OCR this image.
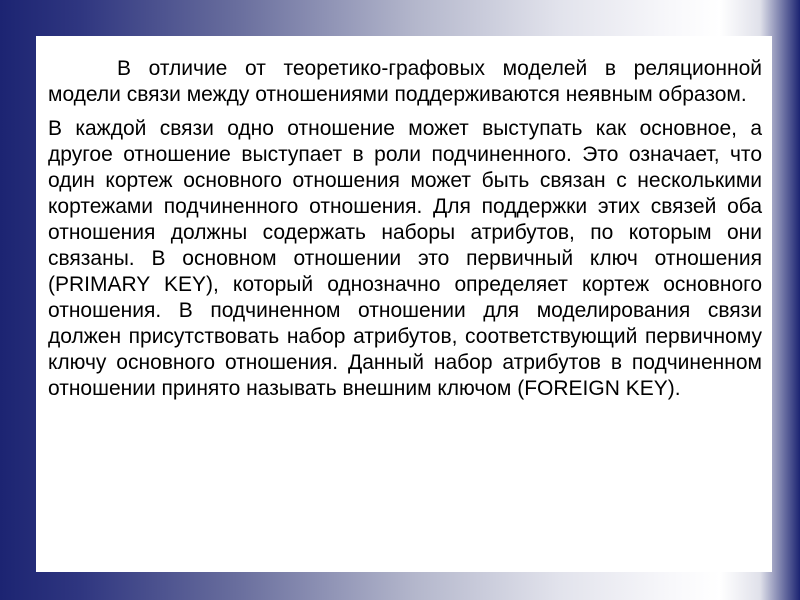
В отличие от теоретико-графовых моделей в реляционной модели связи между отношениями поддерживаются неявным образом.

В каждой связи одно отношение может выступать как основное, а другое отношение выступает в роли подчиненного. Это означает, что один кортеж основного отношения может быть связан с несколькими кортежами подчиненного отношения. Для поддержки этих связей оба отношения должны содержать наборы атрибутов, по которым они связаны. В основном отношении это первичный ключ отношения (PRIMARY KEY), который однозначно определяет кортеж основного отношения. В подчиненном отношении для моделирования связи должен присутствовать набор атрибутов, соответствующий первичному ключу основного отношения. Данный набор атрибутов в подчиненном отношении принято называть внешним ключом (FOREIGN KEY).
